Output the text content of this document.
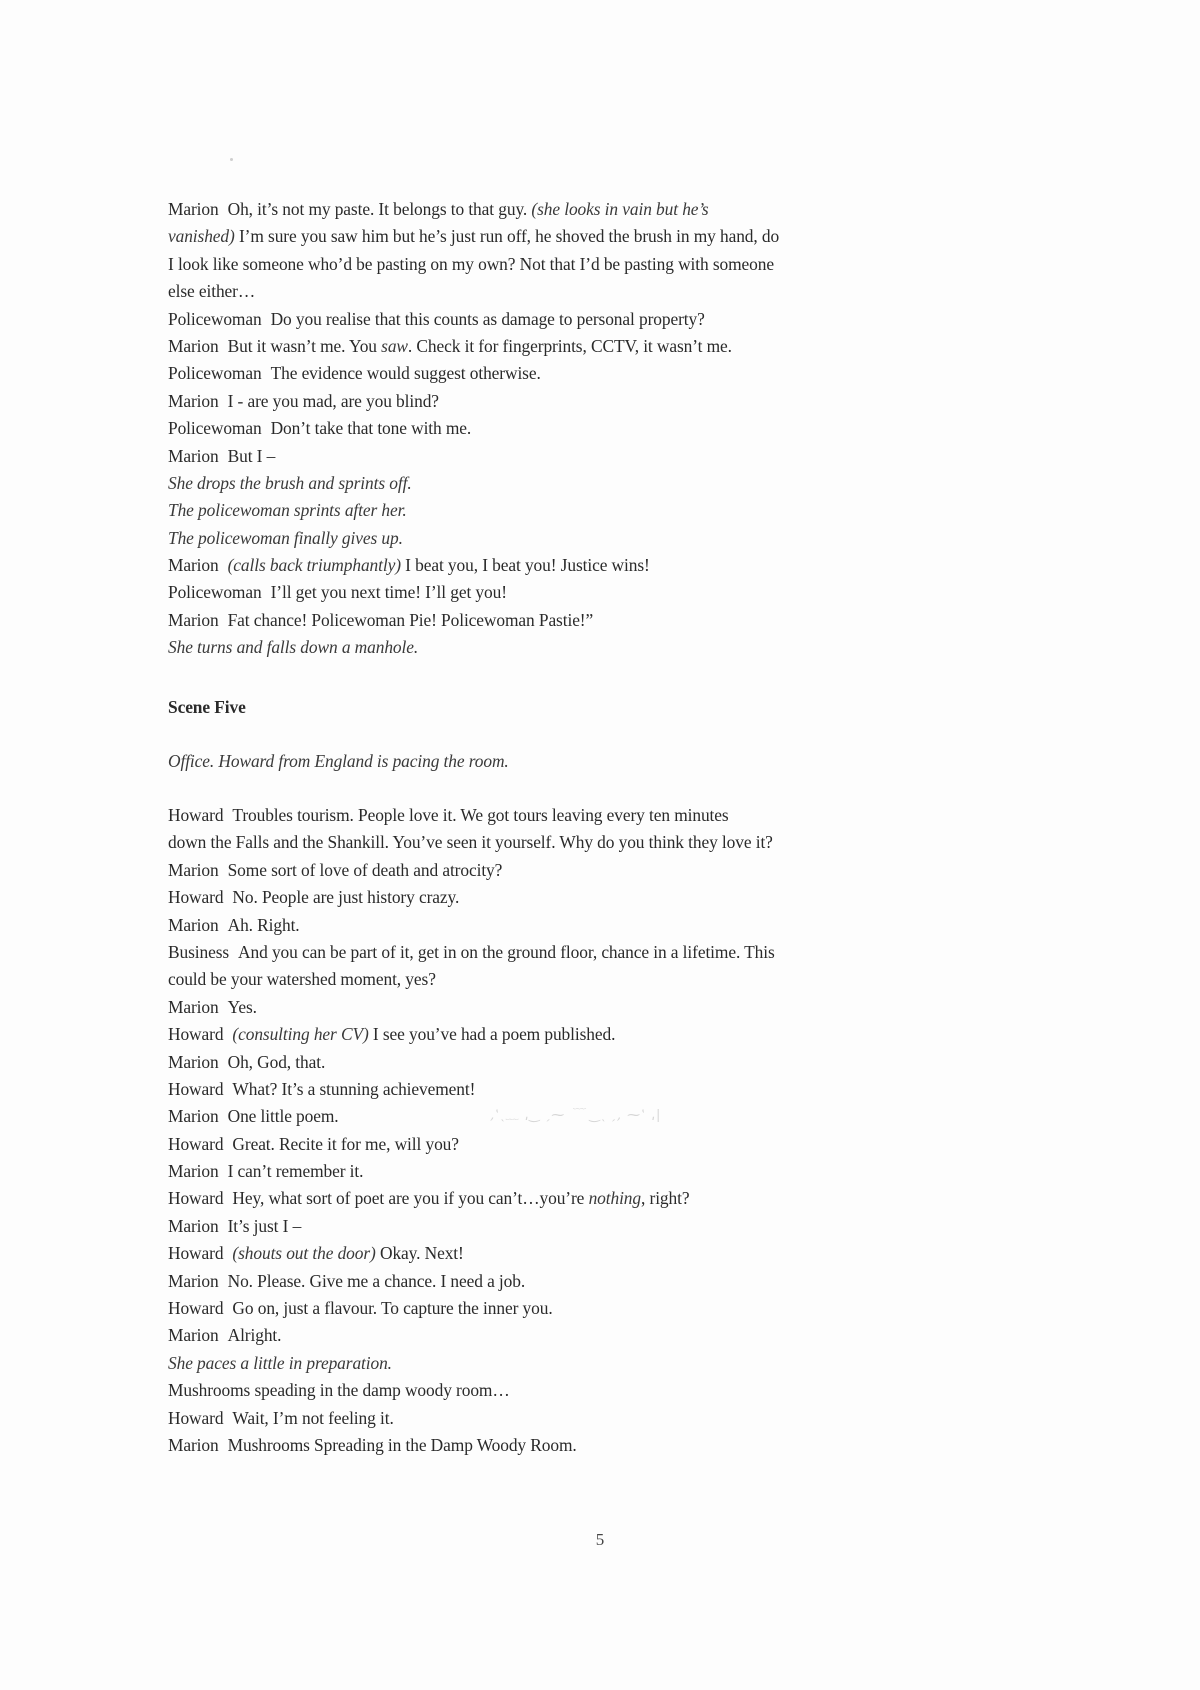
Marion Oh, it’s not my paste. It belongs to that guy. (she looks in vain but he’s
vanished) I’m sure you saw him but he’s just run off, he shoved the brush in my hand, do
I look like someone who’d be pasting on my own? Not that I’d be pasting with someone
else either…
Policewoman Do you realise that this counts as damage to personal property?
Marion But it wasn’t me. You saw. Check it for fingerprints, CCTV, it wasn’t me.
Policewoman The evidence would suggest otherwise.
Marion I - are you mad, are you blind?
Policewoman Don’t take that tone with me.
Marion But I –
She drops the brush and sprints off.
The policewoman sprints after her.
The policewoman finally gives up.
Marion (calls back triumphantly) I beat you, I beat you! Justice wins!
Policewoman I’ll get you next time! I’ll get you!
Marion Fat chance! Policewoman Pie! Policewoman Pastie!”
She turns and falls down a manhole.
Scene Five
Office. Howard from England is pacing the room.
Howard Troubles tourism. People love it. We got tours leaving every ten minutes
down the Falls and the Shankill. You’ve seen it yourself. Why do you think they love it?
Marion Some sort of love of death and atrocity?
Howard No. People are just history crazy.
Marion Ah. Right.
Business And you can be part of it, get in on the ground floor, chance in a lifetime. This
could be your watershed moment, yes?
Marion Yes.
Howard (consulting her CV) I see you’ve had a poem published.
Marion Oh, God, that.
Howard What? It’s a stunning achievement!
Marion One little poem.
Howard Great. Recite it for me, will you?
Marion I can’t remember it.
Howard Hey, what sort of poet are you if you can’t…you’re nothing, right?
Marion It’s just I –
Howard (shouts out the door) Okay. Next!
Marion No. Please. Give me a chance. I need a job.
Howard Go on, just a flavour. To capture the inner you.
Marion Alright.
She paces a little in preparation.
Mushrooms speading in the damp woody room…
Howard Wait, I’m not feeling it.
Marion Mushrooms Spreading in the Damp Woody Room.
‚‛ˎ﹏ ˌ‿ ˏ⁓ ﹋ ‿ˎ ˏ‚ ⁓‛ ˌ|
5
